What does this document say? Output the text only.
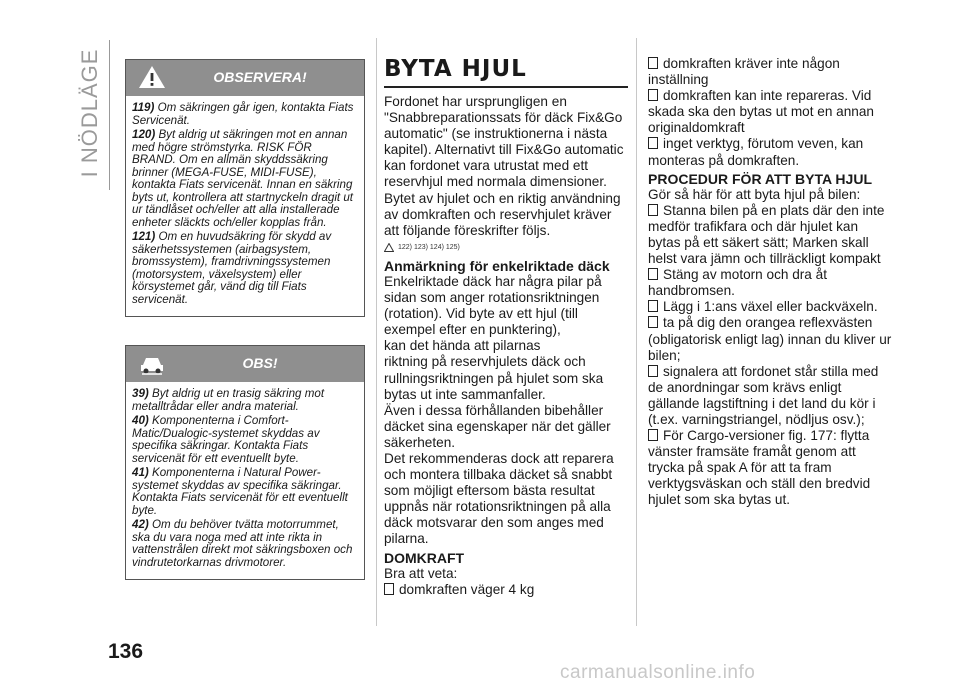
I NÖDLÄGE	OBSERVERA!

119) Om säkringen går igen, kontakta Fiats Servicenät.

120) Byt aldrig ut säkringen mot en annan med högre strömstyrka. RISK FÖR BRAND. Om en allmän skyddssäkring brinner (MEGA-FUSE, MIDI-FUSE), kontakta Fiats servicenät. Innan en säkring byts ut, kontrollera att startnyckeln dragit ut ur tändlåset och/eller att alla installerade enheter släckts och/eller kopplas från.

121) Om en huvudsäkring för skydd av säkerhetssystemen (airbagsystem, bromssystem), framdrivningssystemen (motorsystem, växelsystem) eller körsystemet går, vänd dig till Fiats servicenät.

OBS!

39) Byt aldrig ut en trasig säkring mot metalltrådar eller andra material.

40) Komponenterna i Comfort-Matic/Dualogic-systemet skyddas av specifika säkringar. Kontakta Fiats servicenät för ett eventuellt byte.

41) Komponenterna i Natural Power-systemet skyddas av specifika säkringar. Kontakta Fiats servicenät för ett eventuellt byte.

42) Om du behöver tvätta motorrummet, ska du vara noga med att inte rikta in vattenstrålen direkt mot säkringsboxen och vindrutetorkarnas drivmotorer.

BYTA HJUL

Fordonet har ursprungligen en "Snabbreparationssats för däck Fix&Go automatic" (se instruktionerna i nästa kapitel). Alternativt till Fix&Go automatic kan fordonet vara utrustat med ett reservhjul med normala dimensioner.

Bytet av hjulet och en riktig användning av domkraften och reservhjulet kräver att följande föreskrifter följs.

122) 123) 124) 125)
Anmärkning för enkelriktade däck

Enkelriktade däck har några pilar på sidan som anger rotationsriktningen (rotation). Vid byte av ett hjul (till exempel efter en punktering),

kan det hända att pilarnas

riktning på reservhjulets däck och rullningsriktningen på hjulet som ska bytas ut inte sammanfaller.

Även i dessa förhållanden bibehåller däcket sina egenskaper när det gäller säkerheten.

Det rekommenderas dock att reparera och montera tillbaka däcket så snabbt som möjligt eftersom bästa resultat uppnås när rotationsriktningen på alla däck motsvarar den som anges med pilarna.

DOMKRAFT

Bra att veta:

domkraften väger 4 kg

domkraften kräver inte någon inställning

domkraften kan inte repareras. Vid skada ska den bytas ut mot en annan originaldomkraft

inget verktyg, förutom veven, kan monteras på domkraften.

PROCEDUR FÖR ATT BYTA HJUL

Gör så här för att byta hjul på bilen:

Stanna bilen på en plats där den inte medför trafikfara och där hjulet kan bytas på ett säkert sätt; Marken skall helst vara jämn och tillräckligt kompakt

Stäng av motorn och dra åt handbromsen.

Lägg i 1:ans växel eller backväxeln.

ta på dig den orangea reflexvästen (obligatorisk enligt lag) innan du kliver ur bilen;

signalera att fordonet står stilla med de anordningar som krävs enligt gällande lagstiftning i det land du kör i (t.ex. varningstriangel, nödljus osv.);

För Cargo-versioner fig. 177: flytta vänster framsäte framåt genom att trycka på spak A för att ta fram verktygsväskan och ställ den bredvid hjulet som ska bytas ut.

136
carmanualsonline.info
